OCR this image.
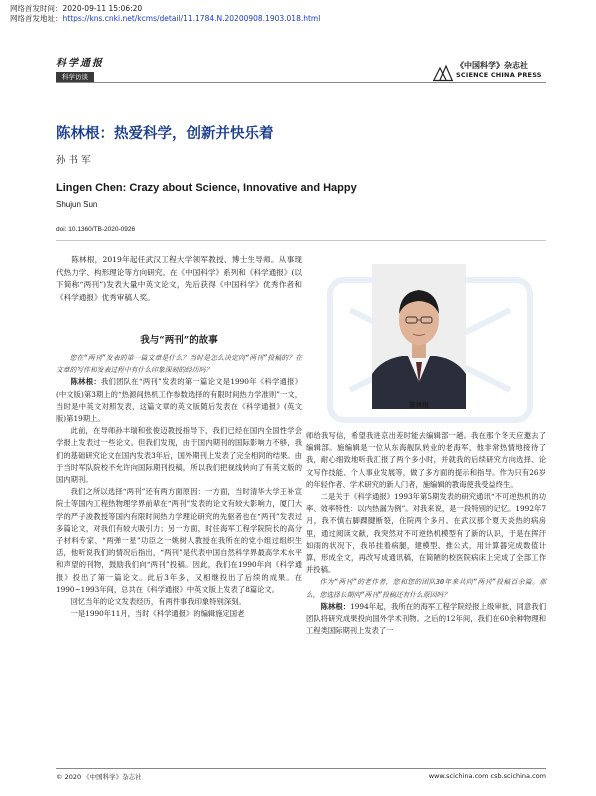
网络首发时间：2020-09-11 15:06:20
网络首发地址：https://kns.cnki.net/kcms/detail/11.1784.N.20200908.1903.018.html
科学通报
科学访谈
《中国科学》杂志社
SCIENCE CHINA PRESS
陈林根：热爱科学，创新并快乐着
孙书军
Lingen Chen: Crazy about Science, Innovative and Happy
Shujun Sun
doi: 10.1360/TB-2020-0926

陈林根，2019年起任武汉工程大学领军教授、博士生导师。从事现代热力学、构形理论等方向研究。在《中国科学》系列和《科学通报》(以下简称“两刊”)发表大量中英文论文，先后获得《中国科学》优秀作者和《科学通报》优秀审稿人奖。

我与“两刊”的故事
陈林根

您在“两刊”发表的第一篇文章是什么？当时是怎么决定向“两刊”投稿的？在文章的写作和发表过程中有什么印象深刻的经历吗？

陈林根：我们团队在“两刊”发表的第一篇论文是1990年《科学通报》(中文版)第3期上的“热源间热机工作参数选择的有限时间热力学准则”一文，当时是中英文对照发表，这篇文章的英文版随后发表在《科学通报》(英文版)第19期上。

此前，在导师孙丰瑞和张俊迈教授指导下，我们已经在国内全国性学会学报上发表过一些论文。但我们发现，由于国内期刊的国际影响力不够，我们的基础研究论文在国内发表3年后，国外期刊上发表了完全相同的结果。由于当时军队院校不允许向国际期刊投稿，所以我们把视线转向了有英文版的国内期刊。

我们之所以选择“两刊”还有两方面原因：一方面，当时清华大学王补宣院士等国内工程热物理学界前辈在“两刊”发表的论文有较大影响力，厦门大学的严子浚教授等国内有限时间热力学理论研究的先驱者也在“两刊”发表过多篇论文，对我们有较大吸引力；另一方面，时任海军工程学院院长的高分子材料专家、“两弹一星”功臣之一姚树人教授在我所在的党小组过组织生活，他听说我们的情况后指出，“两刊”是代表中国自然科学界最高学术水平和声望的刊物，鼓励我们向“两刊”投稿。因此，我们在1990年向《科学通报》投出了第一篇论文。此后3年多，又相继投出了后续的成果。在1990~1993年间，总共在《科学通报》中英文版上发表了8篇论文。

回忆当年的论文发表经历，有两件事我印象特别深刻。

一是1990年11月，当时《科学通报》的编辑施定国老

师给我写信，希望我进京出差时能去编辑部一趟。我在那个冬天应邀去了编辑部。施编辑是一位从东海舰队转业的老海军，他非常热情地接待了我，耐心细致地听我汇报了两个多小时，并就我的后续研究方向选择、论文写作技能、个人事业发展等，做了多方面的提示和指导。作为只有26岁的年轻作者、学术研究的新人门者，施编辑的教诲使我受益终生。

二是关于《科学通报》1993年第5期发表的研究通讯“不可逆热机的功率、效率特性：以内热漏为例”。对我来说，是一段特别的记忆。1992年7月，我不慎右脚踝腱断裂，住院两个多月。在武汉那个夏天炎热的病房里，通过阅读文献，我突然对不可逆热机模型有了新的认识，于是在挥汗如雨的状况下，我吊挂着病腿，建模型、推公式，用计算器完成数值计算，形成全文，再改写成通讯稿，在简陋的校医院病床上完成了全部工作并投稿。

作为“两刊”的老作者，您和您的团队30年来共向“两刊”投稿百余篇。那么，您选择长期向“两刊”投稿还有什么原因吗？

陈林根：1994年起，我所在的海军工程学院经报上级审批，同意我们团队将研究成果投向国外学术刊物。之后的12年间，我们在60余种物理和工程类国际期刊上发表了一

© 2020 《中国科学》杂志社	www.scichina.com csb.scichina.com
